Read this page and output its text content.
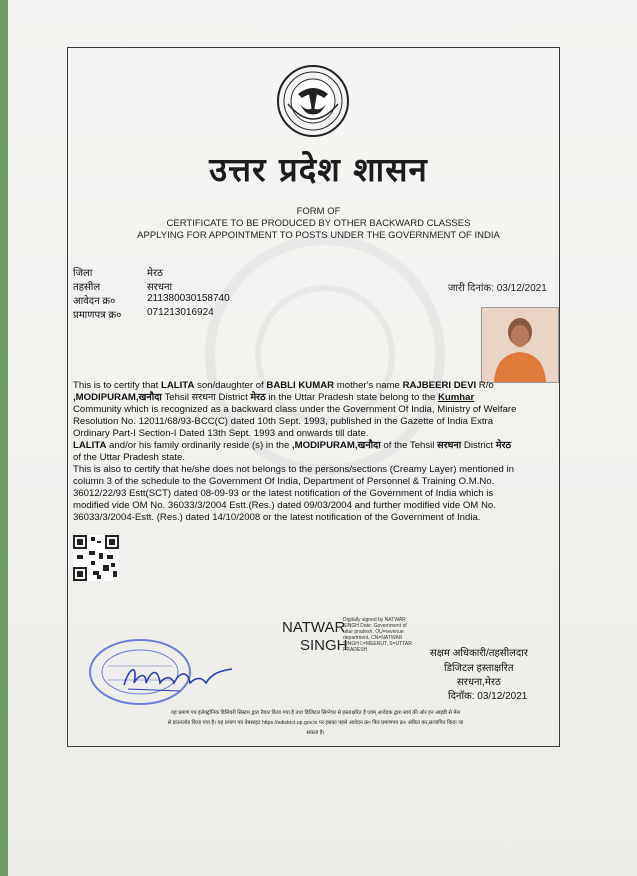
उत्तर प्रदेश शासन
FORM OF
CERTIFICATE TO BE PRODUCED BY OTHER BACKWARD CLASSES
APPLYING FOR APPOINTMENT TO POSTS UNDER THE GOVERNMENT OF INDIA
जिला	मेरठ
तहसील	सरधना
आवेदन क्र०	211380030158740
प्रमाणपत्र क्र०	071213016924
जारी दिनांक: 03/12/2021
This is to certify that LALITA son/daughter of BABLI KUMAR mother's name RAJBEERI DEVI R/o
,MODIPURAM,खनौदा Tehsil सरधना District मेरठ in the Uttar Pradesh state belong to the Kumhar
Community which is recognized as a backward class under the Government Of India, Ministry of Welfare
Resolution No. 12011/68/93-BCC(C) dated 10th Sept. 1993, published in the Gazette of India Extra
Ordinary Part-I Section-I Dated 13th Sept. 1993 and onwards till date.
LALITA and/or his family ordinarily reside (s) in the ,MODIPURAM,खनौदा of the Tehsil सरधना District मेरठ
of the Uttar Pradesh state.
This is also to certify that he/she does not belongs to the persons/sections (Creamy Layer) mentioned in
column 3 of the schedule to the Government Of India, Department of Personnel & Training O.M.No.
36012/22/93 Estt(SCT) dated 08-09-93 or the latest notification of the Government of India which is
modified vide OM No. 36033/3/2004 Estt.(Res.) dated 09/03/2004 and further modified vide OM No.
36033/3/2004-Estt. (Res.) dated 14/10/2008 or the latest notification of the Government of India.
NATWAR
SINGH
Digitally signed by NATWAR SINGH Date: Government of uttar pradesh, OU=revenue department, CN=NATWAR SINGH L=MEERUT, S=UTTAR PRADESH	सक्षम अधिकारी/तहसीलदार
डिजिटल हस्ताक्षरित
सरधना,मेरठ
दिनॉक: 03/12/2021
यह प्रमाण पत्र इलेक्ट्रॉनिक डिलिवरी सिस्टम द्वारा तैयार किया गया है तथा डिजिटल सिग्नेचर से हस्ताक्षरित है एवम् आवेदक द्वारा स्वयं की ओर इन आइडी से मेल
से डाउनलोड किया गया है। यह प्रमाण पत्र वेबसाइट https://edistrict.up.gov.in पर इसका पहले आवेदन क्र० फिर प्रमाणपत्र क्र० अंकित कर,सत्यापित किया जा
सकता है।
